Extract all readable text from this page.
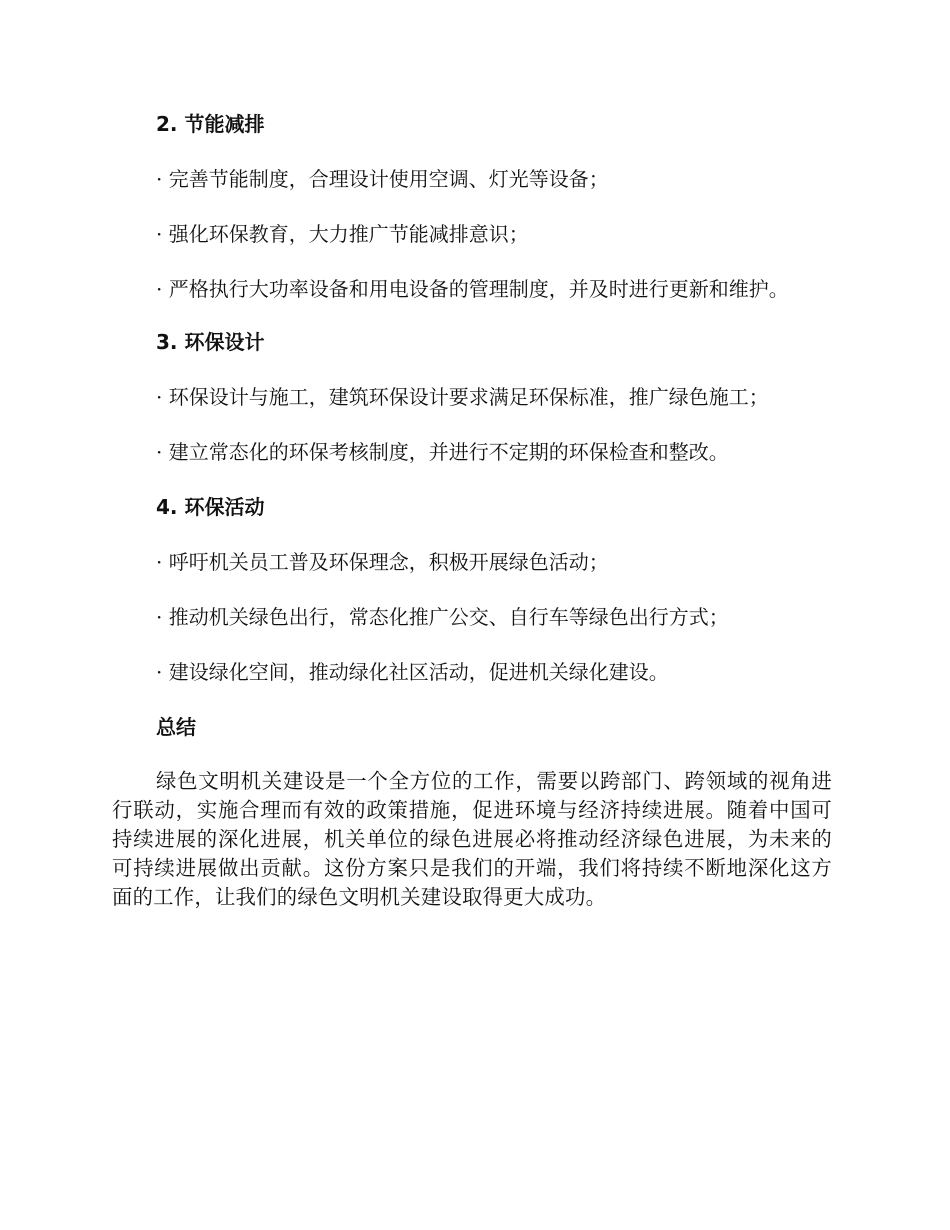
2. 节能减排
· 完善节能制度，合理设计使用空调、灯光等设备；
· 强化环保教育，大力推广节能减排意识；
· 严格执行大功率设备和用电设备的管理制度，并及时进行更新和维护。
3. 环保设计
· 环保设计与施工，建筑环保设计要求满足环保标准，推广绿色施工；
· 建立常态化的环保考核制度，并进行不定期的环保检查和整改。
4. 环保活动
· 呼吁机关员工普及环保理念，积极开展绿色活动；
· 推动机关绿色出行，常态化推广公交、自行车等绿色出行方式；
· 建设绿化空间，推动绿化社区活动，促进机关绿化建设。
总结
绿色文明机关建设是一个全方位的工作，需要以跨部门、跨领域的视角进行联动，实施合理而有效的政策措施，促进环境与经济持续进展。随着中国可持续进展的深化进展，机关单位的绿色进展必将推动经济绿色进展，为未来的可持续进展做出贡献。这份方案只是我们的开端，我们将持续不断地深化这方面的工作，让我们的绿色文明机关建设取得更大成功。
